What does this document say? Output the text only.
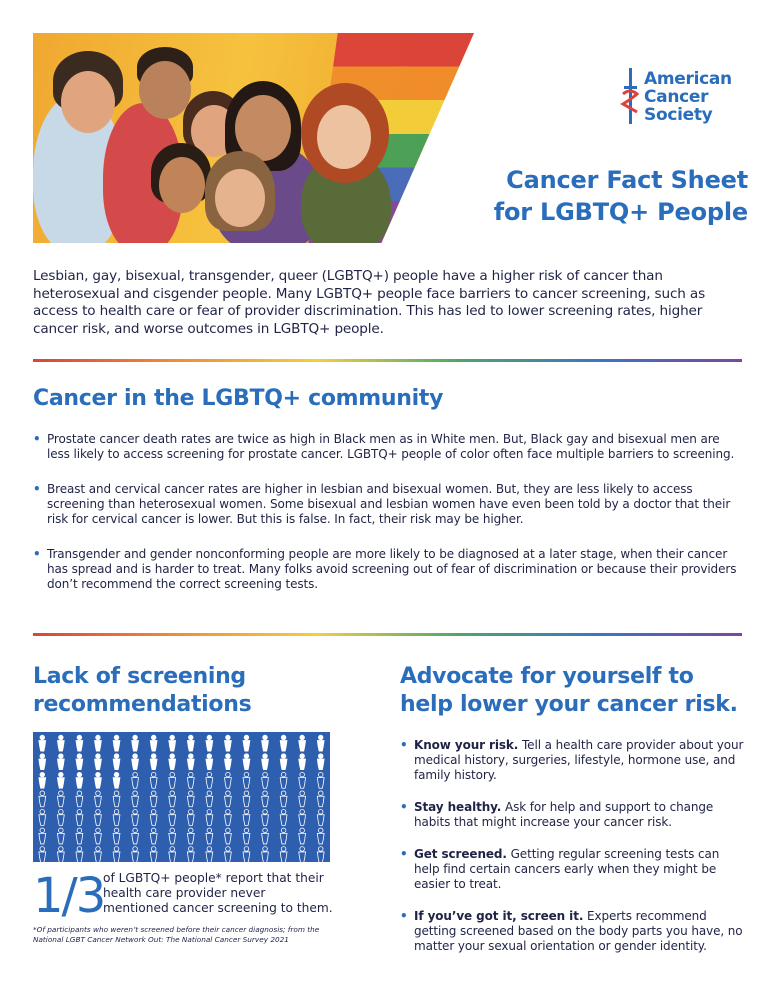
American
Cancer
Society
Cancer Fact Sheet
for LGBTQ+ People

Lesbian, gay, bisexual, transgender, queer (LGBTQ+) people have a higher risk of cancer than heterosexual and cisgender people. Many LGBTQ+ people face barriers to cancer screening, such as access to health care or fear of provider discrimination. This has led to lower screening rates, higher cancer risk, and worse outcomes in LGBTQ+ people.

Cancer in the LGBTQ+ community
• Prostate cancer death rates are twice as high in Black men as in White men. But, Black gay and bisexual men are less likely to access screening for prostate cancer. LGBTQ+ people of color often face multiple barriers to screening.
• Breast and cervical cancer rates are higher in lesbian and bisexual women. But, they are less likely to access screening than heterosexual women. Some bisexual and lesbian women have even been told by a doctor that their risk for cervical cancer is lower. But this is false. In fact, their risk may be higher.
• Transgender and gender nonconforming people are more likely to be diagnosed at a later stage, when their cancer has spread and is harder to treat. Many folks avoid screening out of fear of discrimination or because their providers don’t recommend the correct screening tests.
Lack of screening
recommendations
1/3
of LGBTQ+ people* report that their health care provider never mentioned cancer screening to them.
*Of participants who weren’t screened before their cancer diagnosis; from the
National LGBT Cancer Network Out: The National Cancer Survey 2021
Advocate for yourself to
help lower your cancer risk.
• Know your risk. Tell a health care provider about your medical history, surgeries, lifestyle, hormone use, and family history.
• Stay healthy. Ask for help and support to change habits that might increase your cancer risk.
• Get screened. Getting regular screening tests can help find certain cancers early when they might be easier to treat.
• If you’ve got it, screen it. Experts recommend getting screened based on the body parts you have, no matter your sexual orientation or gender identity.
